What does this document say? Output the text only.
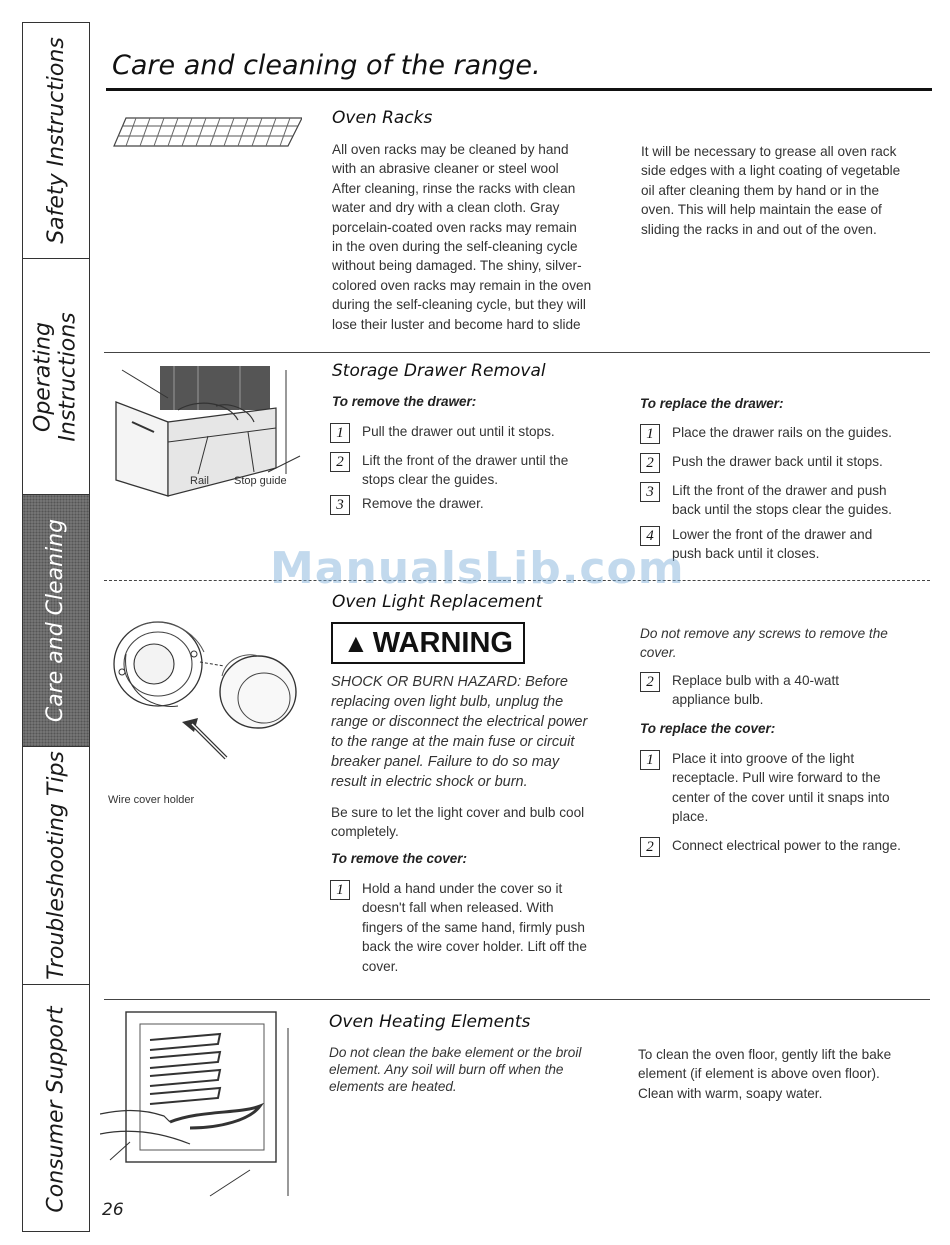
Safety Instructions
Operating Instructions
Care and Cleaning
Troubleshooting Tips
Consumer Support
Care and cleaning of the range.
Oven Racks
All oven racks may be cleaned by hand
with an abrasive cleaner or steel wool
After cleaning, rinse the racks with clean
water and dry with a clean cloth. Gray
porcelain-coated oven racks may remain
in the oven during the self-cleaning cycle
without being damaged. The shiny, silver-
colored oven racks may remain in the oven
during the self-cleaning cycle, but they will
lose their luster and become hard to slide
It will be necessary to grease all oven rack
side edges with a light coating of vegetable
oil after cleaning them by hand or in the
oven. This will help maintain the ease of
sliding the racks in and out of the oven.
Rail Stop guide
Storage Drawer Removal
To remove the drawer:
1	Pull the drawer out until it stops.
2	Lift the front of the drawer until the
stops clear the guides.
3	Remove the drawer.
To replace the drawer:
1	Place the drawer rails on the guides.
2	Push the drawer back until it stops.
3	Lift the front of the drawer and push
back until the stops clear the guides.
4	Lower the front of the drawer and
push back until it closes.
Wire cover holder
Oven Light Replacement
▲ WARNING
SHOCK OR BURN HAZARD: Before
replacing oven light bulb, unplug the
range or disconnect the electrical power
to the range at the main fuse or circuit
breaker panel. Failure to do so may
result in electric shock or burn.
Be sure to let the light cover and bulb cool
completely.
To remove the cover:
1	Hold a hand under the cover so it
doesn't fall when released. With
fingers of the same hand, firmly push
back the wire cover holder. Lift off the
cover.
Do not remove any screws to remove the
cover.
2	Replace bulb with a 40-watt
appliance bulb.
To replace the cover:
1	Place it into groove of the light
receptacle. Pull wire forward to the
center of the cover until it snaps into
place.
2	Connect electrical power to the range.
Oven Heating Elements
Do not clean the bake element or the broil
element. Any soil will burn off when the
elements are heated.
To clean the oven floor, gently lift the bake
element (if element is above oven floor).
Clean with warm, soapy water.
26
ManualsLib.com
